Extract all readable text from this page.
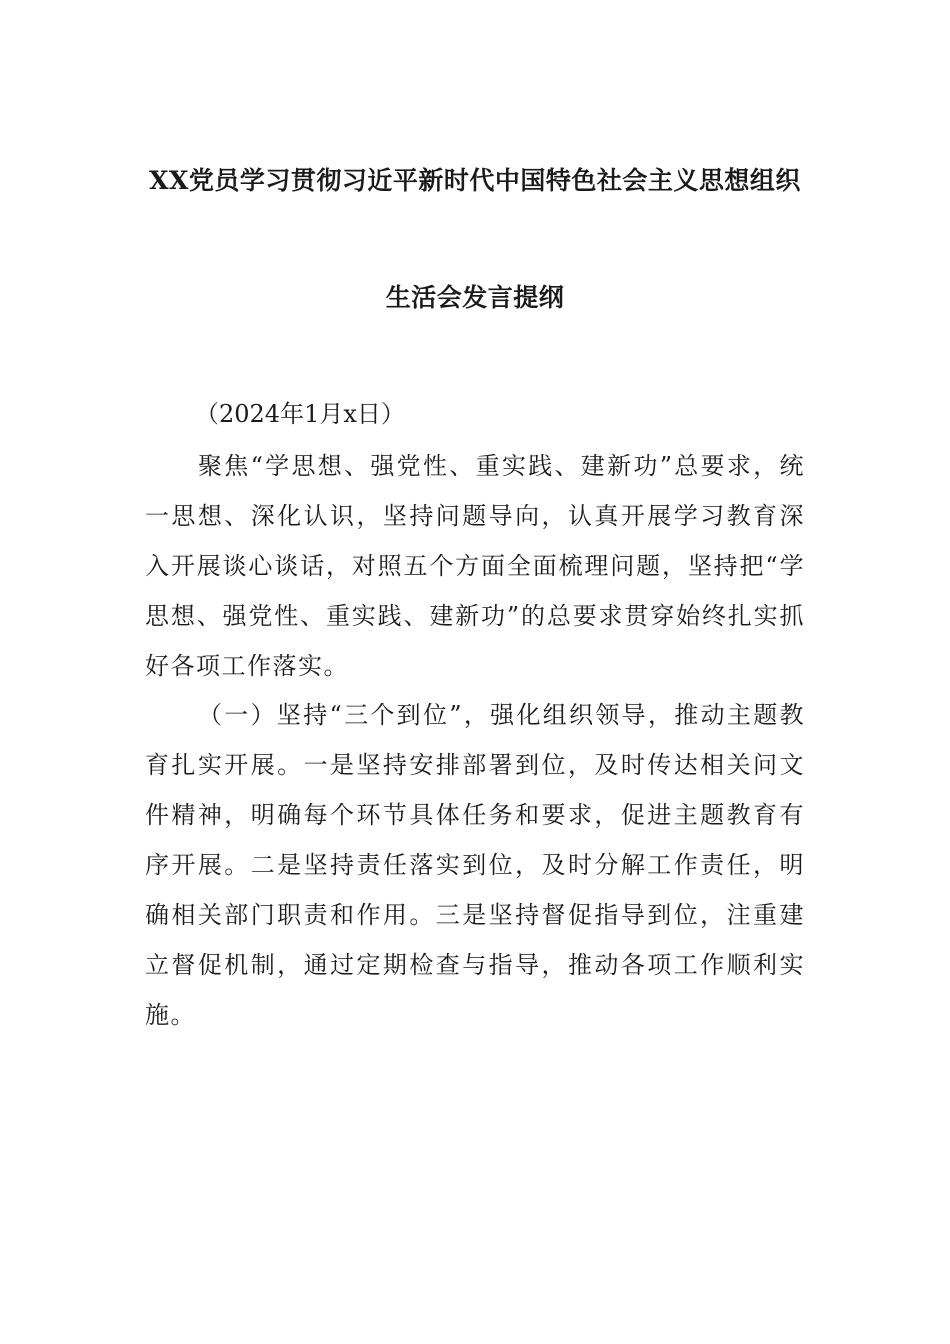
XX党员学习贯彻习近平新时代中国特色社会主义思想组织
生活会发言提纲
（2024年1月x日）

聚焦“学思想、强党性、重实践、建新功”总要求，统一思想、深化认识，坚持问题导向，认真开展学习教育深入开展谈心谈话，对照五个方面全面梳理问题，坚持把“学思想、强党性、重实践、建新功”的总要求贯穿始终扎实抓好各项工作落实。

（一）坚持“三个到位”，强化组织领导，推动主题教育扎实开展。一是坚持安排部署到位，及时传达相关问文件精神，明确每个环节具体任务和要求，促进主题教育有序开展。二是坚持责任落实到位，及时分解工作责任，明确相关部门职责和作用。三是坚持督促指导到位，注重建立督促机制，通过定期检查与指导，推动各项工作顺利实施。
